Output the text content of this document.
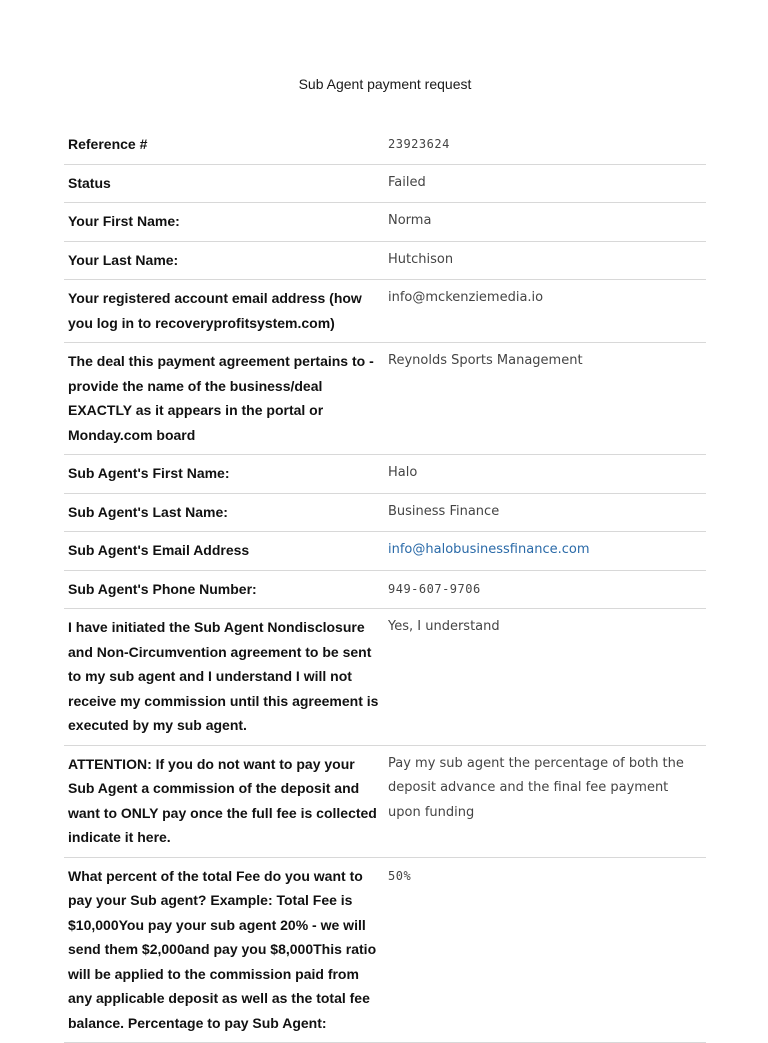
Sub Agent payment request
Reference #	23923624
Status	Failed
Your First Name:	Norma
Your Last Name:	Hutchison
Your registered account email address (how you log in to recoveryprofitsystem.com)	info@mckenziemedia.io
The deal this payment agreement pertains to - provide the name of the business/deal EXACTLY as it appears in the portal or Monday.com board	Reynolds Sports Management
Sub Agent's First Name:	Halo
Sub Agent's Last Name:	Business Finance
Sub Agent's Email Address	info@halobusinessfinance.com
Sub Agent's Phone Number:	949-607-9706
I have initiated the Sub Agent Nondisclosure and Non-Circumvention agreement to be sent to my sub agent and I understand I will not receive my commission until this agreement is executed by my sub agent.	Yes, I understand
ATTENTION: If you do not want to pay your Sub Agent a commission of the deposit and want to ONLY pay once the full fee is collected indicate it here.	Pay my sub agent the percentage of both the deposit advance and the final fee payment upon funding
What percent of the total Fee do you want to pay your Sub agent? Example: Total Fee is $10,000You pay your sub agent 20% - we will send them $2,000and pay you $8,000This ratio will be applied to the commission paid from any applicable deposit as well as the total fee balance. Percentage to pay Sub Agent:	50%
